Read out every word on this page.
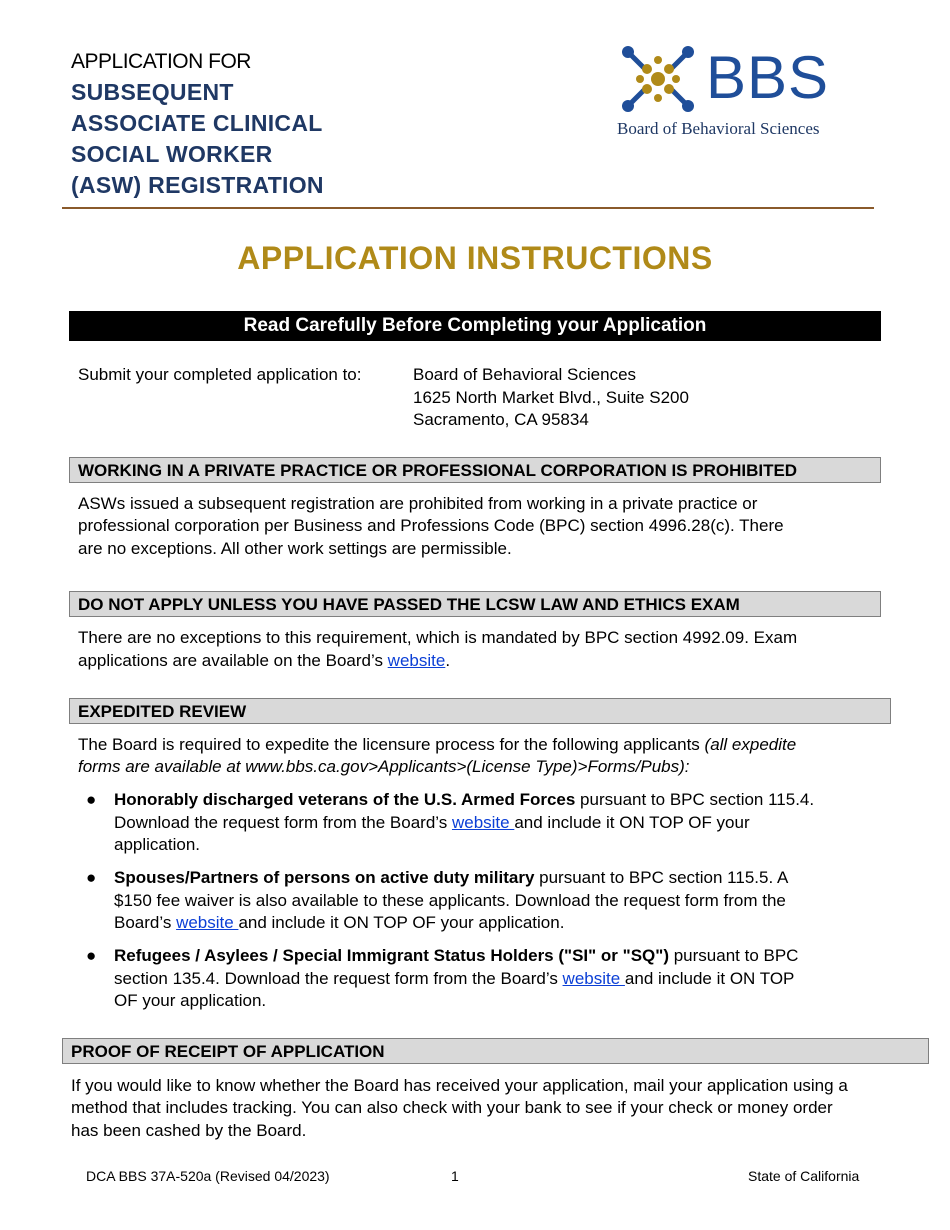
APPLICATION FOR
SUBSEQUENT
ASSOCIATE CLINICAL
SOCIAL WORKER
(ASW) REGISTRATION
BBS
Board of Behavioral Sciences
APPLICATION INSTRUCTIONS
Read Carefully Before Completing your Application
Submit your completed application to:	Board of Behavioral Sciences
1625 North Market Blvd., Suite S200
Sacramento, CA 95834
WORKING IN A PRIVATE PRACTICE OR PROFESSIONAL CORPORATION IS PROHIBITED
ASWs issued a subsequent registration are prohibited from working in a private practice or
professional corporation per Business and Professions Code (BPC) section 4996.28(c). There
are no exceptions. All other work settings are permissible.
DO NOT APPLY UNLESS YOU HAVE PASSED THE LCSW LAW AND ETHICS EXAM
There are no exceptions to this requirement, which is mandated by BPC section 4992.09. Exam
applications are available on the Board’s website.
EXPEDITED REVIEW
The Board is required to expedite the licensure process for the following applicants (all expedite
forms are available at www.bbs.ca.gov>Applicants>(License Type)>Forms/Pubs):
● Honorably discharged veterans of the U.S. Armed Forces pursuant to BPC section 115.4.
Download the request form from the Board’s website and include it ON TOP OF your
application.
● Spouses/Partners of persons on active duty military pursuant to BPC section 115.5. A
$150 fee waiver is also available to these applicants. Download the request form from the
Board’s website and include it ON TOP OF your application.
● Refugees / Asylees / Special Immigrant Status Holders ("SI" or "SQ") pursuant to BPC
section 135.4. Download the request form from the Board’s website and include it ON TOP
OF your application.
PROOF OF RECEIPT OF APPLICATION
If you would like to know whether the Board has received your application, mail your application using a
method that includes tracking. You can also check with your bank to see if your check or money order
has been cashed by the Board.
DCA BBS 37A-520a (Revised 04/2023)	1	State of California
